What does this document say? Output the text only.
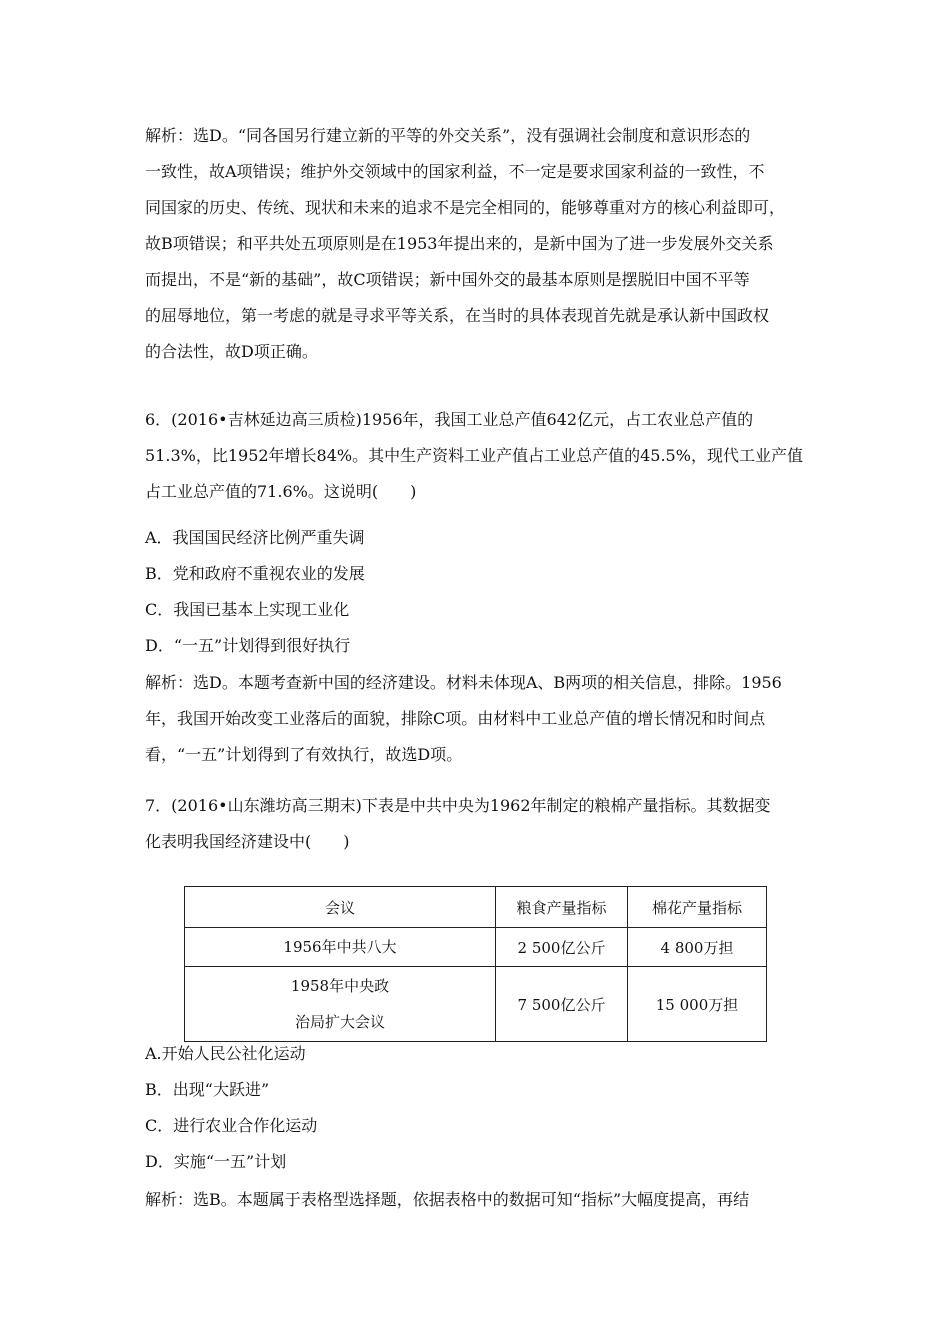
解析：选D。“同各国另行建立新的平等的外交关系”，没有强调社会制度和意识形态的
一致性，故A项错误；维护外交领域中的国家利益，不一定是要求国家利益的一致性，不
同国家的历史、传统、现状和未来的追求不是完全相同的，能够尊重对方的核心利益即可，
故B项错误；和平共处五项原则是在1953年提出来的，是新中国为了进一步发展外交关系
而提出，不是“新的基础”，故C项错误；新中国外交的最基本原则是摆脱旧中国不平等
的屈辱地位，第一考虑的就是寻求平等关系，在当时的具体表现首先就是承认新中国政权
的合法性，故D项正确。
6．(2016•吉林延边高三质检)1956年，我国工业总产值642亿元，占工农业总产值的
51.3%，比1952年增长84%。其中生产资料工业产值占工业总产值的45.5%，现代工业产值
占工业总产值的71.6%。这说明(　　)
A．我国国民经济比例严重失调
B．党和政府不重视农业的发展
C．我国已基本上实现工业化
D．“一五”计划得到很好执行
解析：选D。本题考查新中国的经济建设。材料未体现A、B两项的相关信息，排除。1956
年，我国开始改变工业落后的面貌，排除C项。由材料中工业总产值的增长情况和时间点
看，“一五”计划得到了有效执行，故选D项。
7．(2016•山东潍坊高三期末)下表是中共中央为1962年制定的粮棉产量指标。其数据变
化表明我国经济建设中(　　)
会议	粮食产量指标	棉花产量指标

1956年中共八大	2 500亿公斤	4 800万担

1958年中央政
治局扩大会议	7 500亿公斤	15 000万担
A.开始人民公社化运动
B．出现“大跃进”
C．进行农业合作化运动
D．实施“一五”计划
解析：选B。本题属于表格型选择题，依据表格中的数据可知“指标”大幅度提高，再结
